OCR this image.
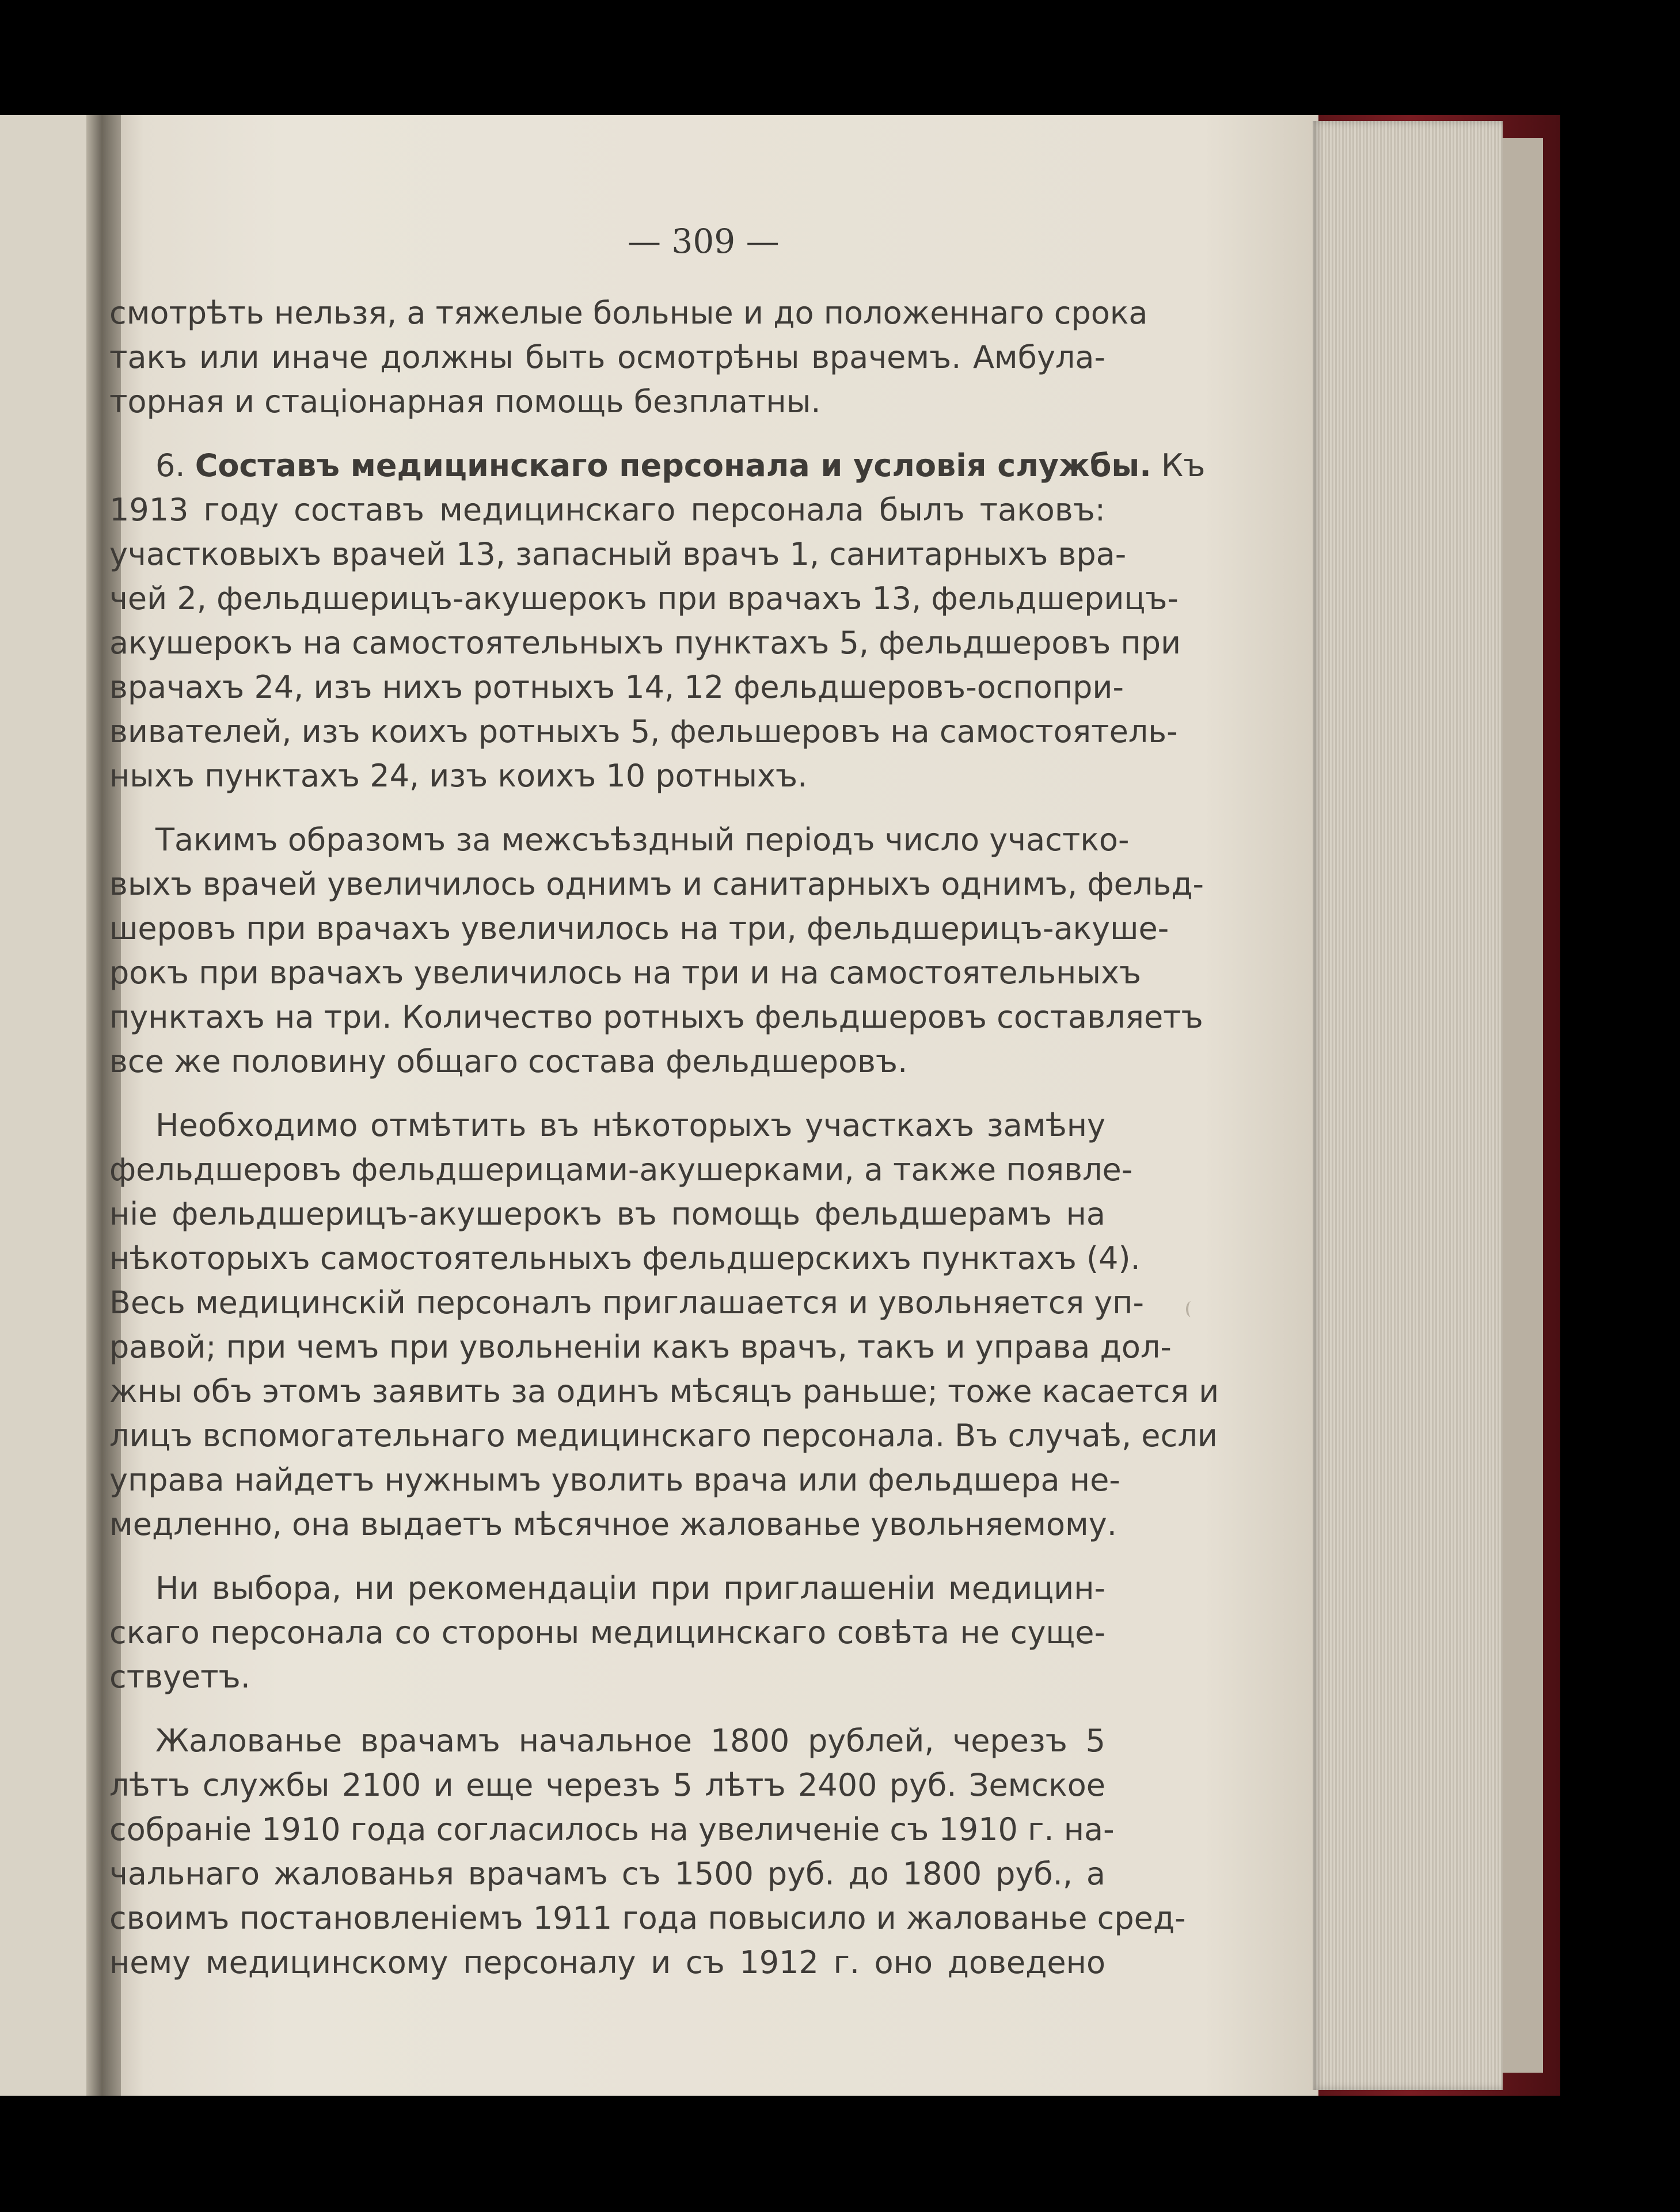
— 309 —
смотрѣть нельзя, а тяжелые больные и до положеннаго срока
такъ или иначе должны быть осмотрѣны врачемъ. Амбула-
торная и стаціонарная помощь безплатны.
6. Составъ медицинскаго персонала и условія службы. Къ
1913 году составъ медицинскаго персонала былъ таковъ:
участковыхъ врачей 13, запасный врачъ 1, санитарныхъ вра-
чей 2, фельдшерицъ-акушерокъ при врачахъ 13, фельдшерицъ-
акушерокъ на самостоятельныхъ пунктахъ 5, фельдшеровъ при
врачахъ 24, изъ нихъ ротныхъ 14, 12 фельдшеровъ-оспопри-
вивателей, изъ коихъ ротныхъ 5, фельшеровъ на самостоятель-
ныхъ пунктахъ 24, изъ коихъ 10 ротныхъ.
Такимъ образомъ за межсъѣздный періодъ число участко-
выхъ врачей увеличилось однимъ и санитарныхъ однимъ, фельд-
шеровъ при врачахъ увеличилось на три, фельдшерицъ-акуше-
рокъ при врачахъ увеличилось на три и на самостоятельныхъ
пунктахъ на три. Количество ротныхъ фельдшеровъ составляетъ
все же половину общаго состава фельдшеровъ.
Необходимо отмѣтить въ нѣкоторыхъ участкахъ замѣну
фельдшеровъ фельдшерицами-акушерками, а также появле-
ніе фельдшерицъ-акушерокъ въ помощь фельдшерамъ на
нѣкоторыхъ самостоятельныхъ фельдшерскихъ пунктахъ (4).
Весь медицинскій персоналъ приглашается и увольняется уп-
равой; при чемъ при увольненіи какъ врачъ, такъ и управа дол-
жны объ этомъ заявить за одинъ мѣсяцъ раньше; тоже касается и
лицъ вспомогательнаго медицинскаго персонала. Въ случаѣ, если
управа найдетъ нужнымъ уволить врача или фельдшера не-
медленно, она выдаетъ мѣсячное жалованье увольняемому.
Ни выбора, ни рекомендаціи при приглашеніи медицин-
скаго персонала со стороны медицинскаго совѣта не суще-
ствуетъ.
Жалованье врачамъ начальное 1800 рублей, черезъ 5
лѣтъ службы 2100 и еще черезъ 5 лѣтъ 2400 руб. Земское
собраніе 1910 года согласилось на увеличеніе съ 1910 г. на-
чальнаго жалованья врачамъ съ 1500 руб. до 1800 руб., а
своимъ постановленіемъ 1911 года повысило и жалованье сред-
нему медицинскому персоналу и съ 1912 г. оно доведено
